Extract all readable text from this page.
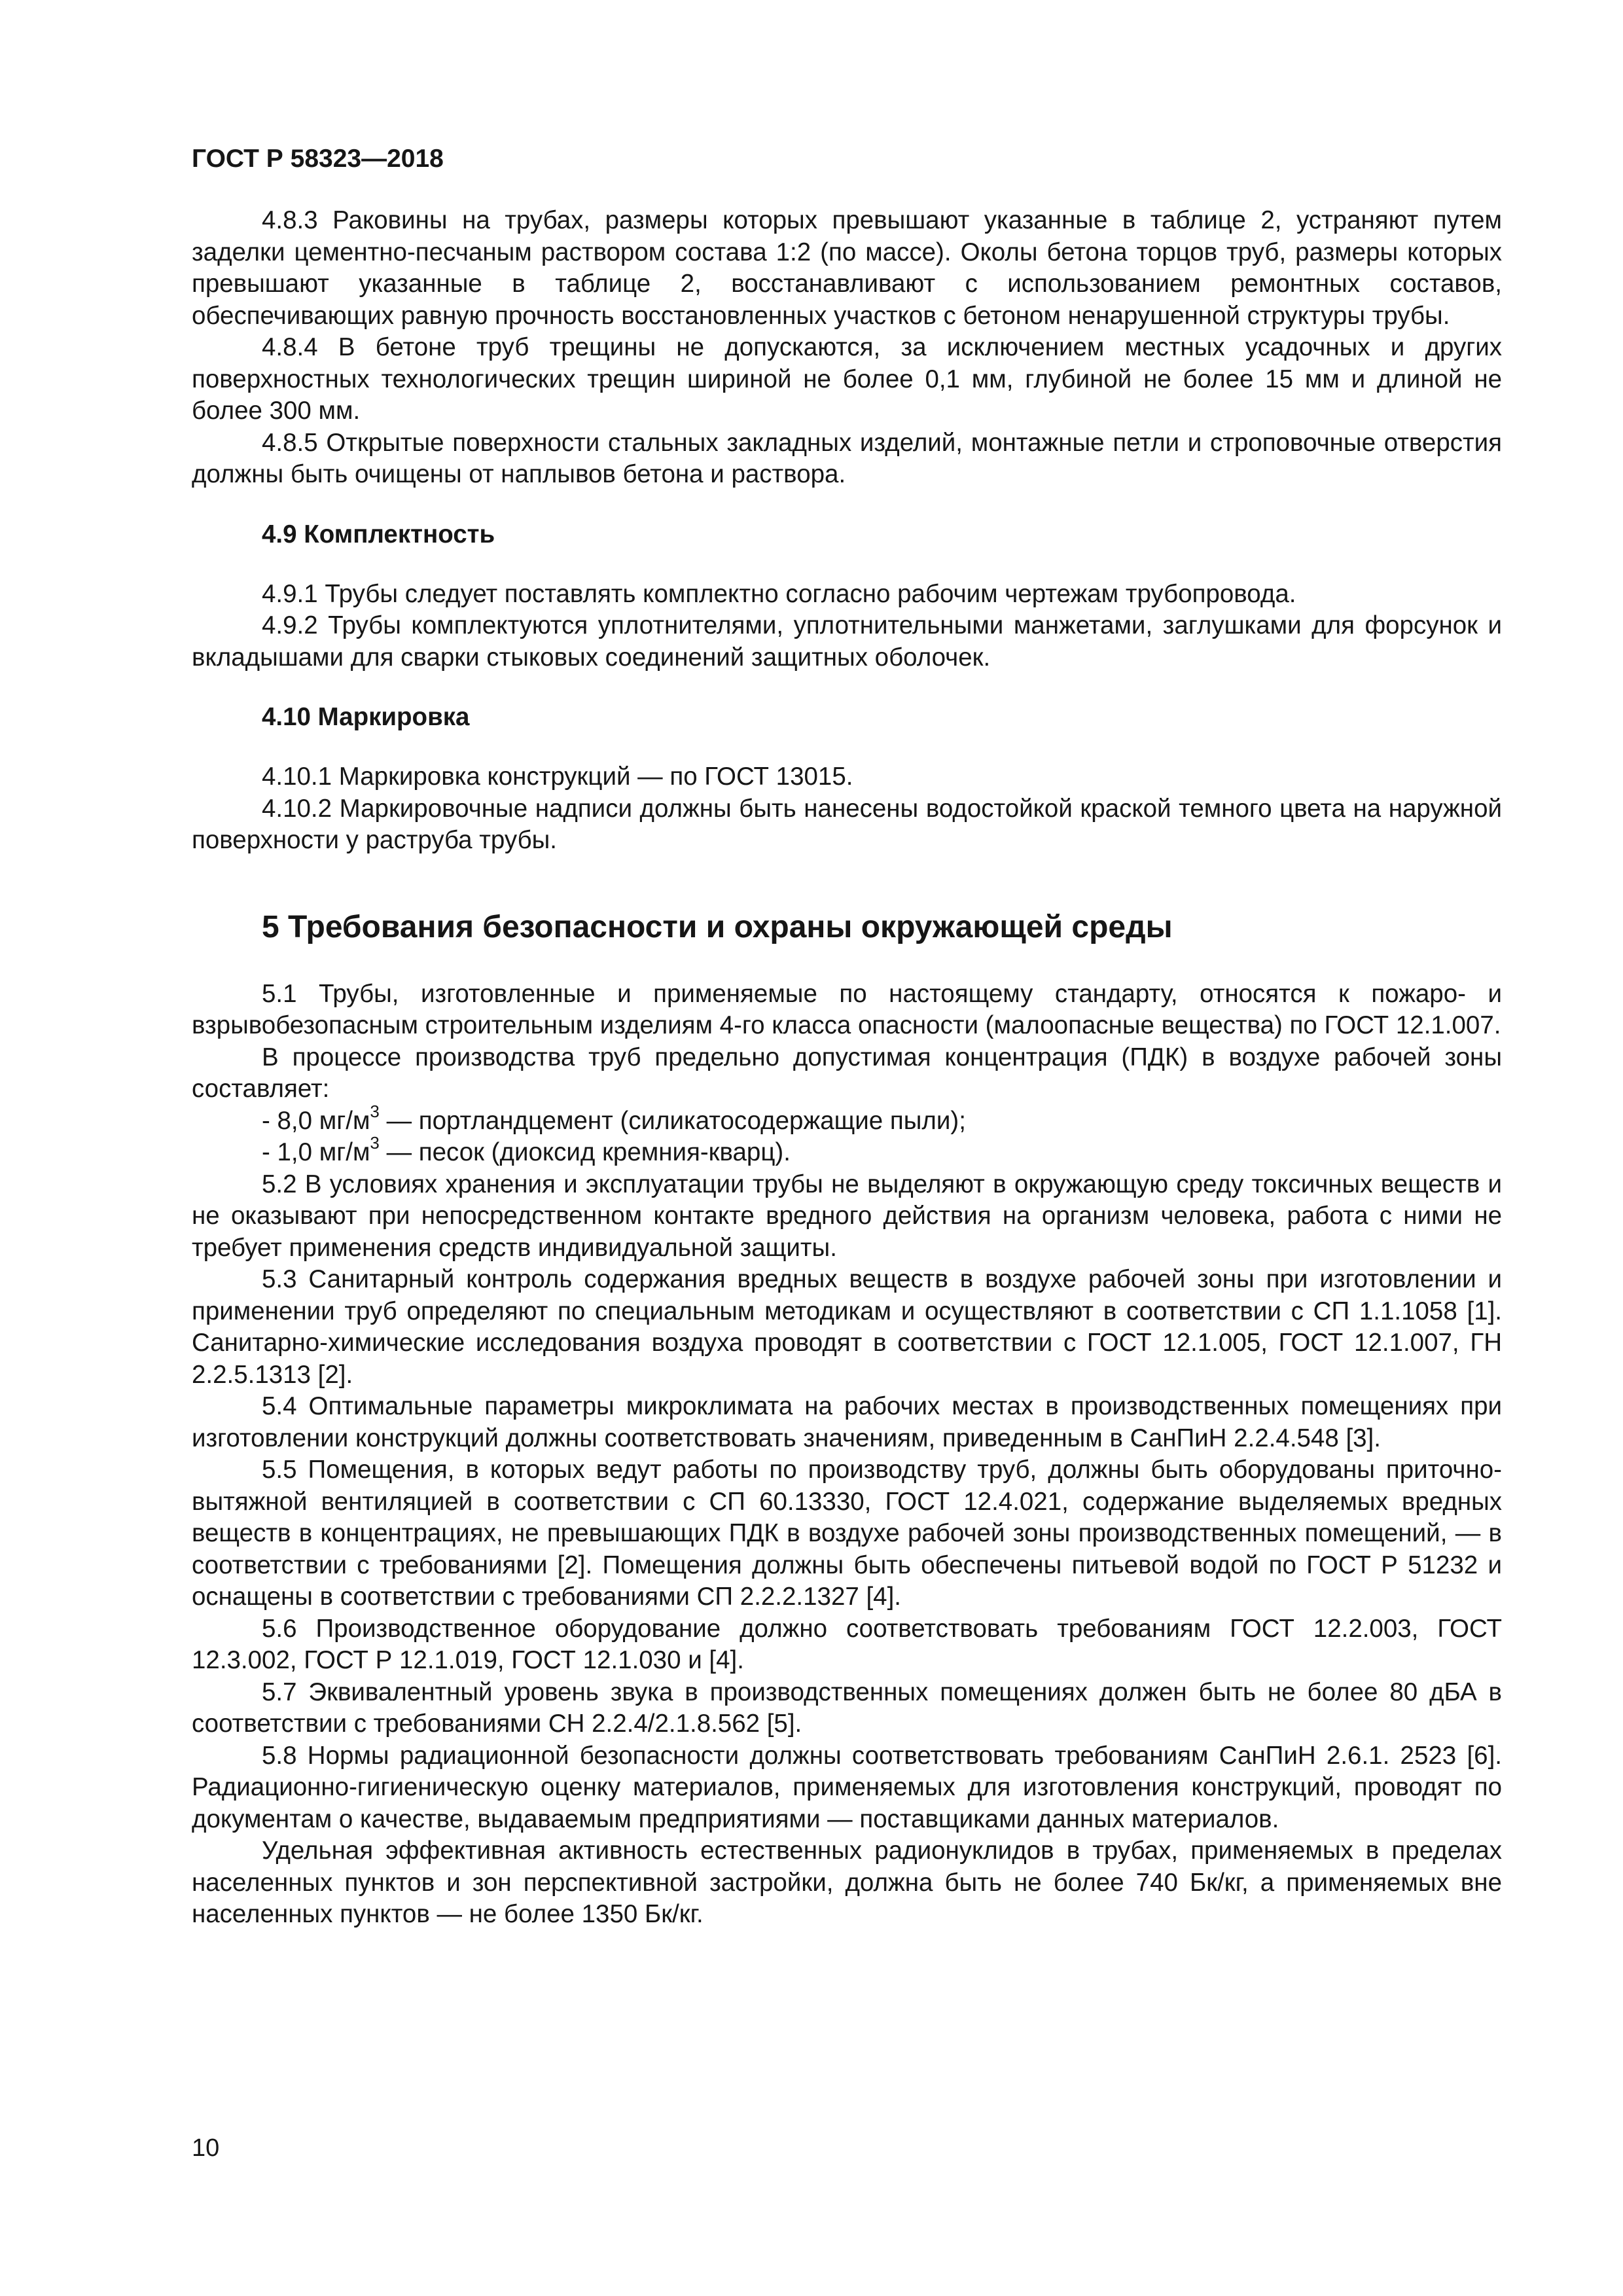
ГОСТ Р 58323—2018

4.8.3 Раковины на трубах, размеры которых превышают указанные в таблице 2, устраняют путем заделки цементно-песчаным раствором состава 1:2 (по массе). Околы бетона торцов труб, размеры которых превышают указанные в таблице 2, восстанавливают с использованием ремонтных составов, обеспечивающих равную прочность восстановленных участков с бетоном ненарушенной структуры трубы.

4.8.4 В бетоне труб трещины не допускаются, за исключением местных усадочных и других поверхностных технологических трещин шириной не более 0,1 мм, глубиной не более 15 мм и длиной не более 300 мм.

4.8.5 Открытые поверхности стальных закладных изделий, монтажные петли и строповочные отверстия должны быть очищены от наплывов бетона и раствора.

4.9 Комплектность

4.9.1 Трубы следует поставлять комплектно согласно рабочим чертежам трубопровода.

4.9.2 Трубы комплектуются уплотнителями, уплотнительными манжетами, заглушками для форсунок и вкладышами для сварки стыковых соединений защитных оболочек.

4.10 Маркировка

4.10.1 Маркировка конструкций — по ГОСТ 13015.

4.10.2 Маркировочные надписи должны быть нанесены водостойкой краской темного цвета на наружной поверхности у раструба трубы.

5 Требования безопасности и охраны окружающей среды

5.1 Трубы, изготовленные и применяемые по настоящему стандарту, относятся к пожаро- и взрывобезопасным строительным изделиям 4-го класса опасности (малоопасные вещества) по ГОСТ 12.1.007.

В процессе производства труб предельно допустимая концентрация (ПДК) в воздухе рабочей зоны составляет:

- 8,0 $мг/м^3$ — портландцемент (силикатосодержащие пыли);
- 1,0 $мг/м^3$ — песок (диоксид кремния-кварц).

5.2 В условиях хранения и эксплуатации трубы не выделяют в окружающую среду токсичных веществ и не оказывают при непосредственном контакте вредного действия на организм человека, работа с ними не требует применения средств индивидуальной защиты.

5.3 Санитарный контроль содержания вредных веществ в воздухе рабочей зоны при изготовлении и применении труб определяют по специальным методикам и осуществляют в соответствии с СП 1.1.1058 [1]. Санитарно-химические исследования воздуха проводят в соответствии с ГОСТ 12.1.005, ГОСТ 12.1.007, ГН 2.2.5.1313 [2].

5.4 Оптимальные параметры микроклимата на рабочих местах в производственных помещениях при изготовлении конструкций должны соответствовать значениям, приведенным в СанПиН 2.2.4.548 [3].

5.5 Помещения, в которых ведут работы по производству труб, должны быть оборудованы приточно-вытяжной вентиляцией в соответствии с СП 60.13330, ГОСТ 12.4.021, содержание выделяемых вредных веществ в концентрациях, не превышающих ПДК в воздухе рабочей зоны производственных помещений, — в соответствии с требованиями [2]. Помещения должны быть обеспечены питьевой водой по ГОСТ Р 51232 и оснащены в соответствии с требованиями СП 2.2.2.1327 [4].

5.6 Производственное оборудование должно соответствовать требованиям ГОСТ 12.2.003, ГОСТ 12.3.002, ГОСТ Р 12.1.019, ГОСТ 12.1.030 и [4].

5.7 Эквивалентный уровень звука в производственных помещениях должен быть не более 80 дБА в соответствии с требованиями СН 2.2.4/2.1.8.562 [5].

5.8 Нормы радиационной безопасности должны соответствовать требованиям СанПиН 2.6.1. 2523 [6]. Радиационно-гигиеническую оценку материалов, применяемых для изготовления конструкций, проводят по документам о качестве, выдаваемым предприятиями — поставщиками данных материалов.

Удельная эффективная активность естественных радионуклидов в трубах, применяемых в пределах населенных пунктов и зон перспективной застройки, должна быть не более 740 Бк/кг, а применяемых вне населенных пунктов — не более 1350 Бк/кг.

10
